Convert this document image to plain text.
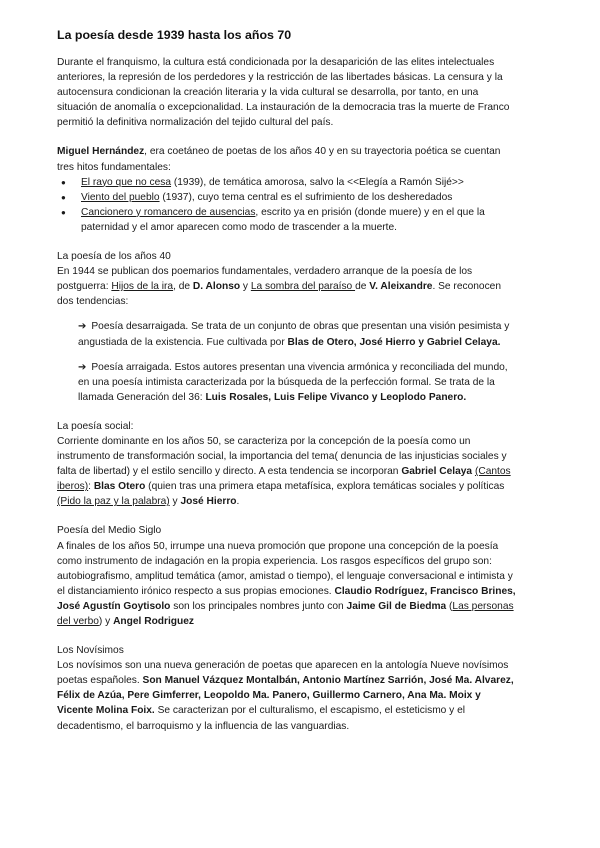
La poesía desde 1939 hasta los años 70

Durante el franquismo, la cultura está condicionada por la desaparición de las elites intelectuales anteriores, la represión de los perdedores y la restricción de las libertades básicas. La censura y la autocensura condicionan la creación literaria y la vida cultural se desarrolla, por tanto, en una situación de anomalía o excepcionalidad. La instauración de la democracia tras la muerte de Franco permitió la definitiva normalización del tejido cultural del país.

Miguel Hernández, era coetáneo de poetas de los años 40 y en su trayectoria poética se cuentan tres hitos fundamentales:

● El rayo que no cesa (1939), de temática amorosa, salvo la <<Elegía a Ramón Sijé>>
● Viento del pueblo (1937), cuyo tema central es el sufrimiento de los desheredados
● Cancionero y romancero de ausencias, escrito ya en prisión (donde muere) y en el que la paternidad y el amor aparecen como modo de trascender a la muerte.

La poesía de los años 40

En 1944 se publican dos poemarios fundamentales, verdadero arranque de la poesía de los postguerra: Hijos de la ira, de D. Alonso y La sombra del paraíso de V. Aleixandre. Se reconocen dos tendencias:

➔ Poesía desarraigada. Se trata de un conjunto de obras que presentan una visión pesimista y angustiada de la existencia. Fue cultivada por Blas de Otero, José Hierro y Gabriel Celaya.

➔ Poesía arraigada. Estos autores presentan una vivencia armónica y reconciliada del mundo, en una poesía intimista caracterizada por la búsqueda de la perfección formal. Se trata de la llamada Generación del 36: Luis Rosales, Luis Felipe Vivanco y Leoplodo Panero.

La poesía social:

Corriente dominante en los años 50, se caracteriza por la concepción de la poesía como un instrumento de transformación social, la importancia del tema( denuncia de las injusticias sociales y falta de libertad) y el estilo sencillo y directo. A esta tendencia se incorporan Gabriel Celaya (Cantos iberos): Blas Otero (quien tras una primera etapa metafísica, explora temáticas sociales y políticas (Pido la paz y la palabra) y José Hierro.

Poesía del Medio Siglo

A finales de los años 50, irrumpe una nueva promoción que propone una concepción de la poesía como instrumento de indagación en la propia experiencia. Los rasgos específicos del grupo son: autobiografismo, amplitud temática (amor, amistad o tiempo), el lenguaje conversacional e intimista y el distanciamiento irónico respecto a sus propias emociones. Claudio Rodríguez, Francisco Brines, José Agustín Goytisolo son los principales nombres junto con Jaime Gil de Biedma (Las personas del verbo) y Angel Rodriguez

Los Novísimos

Los novísimos son una nueva generación de poetas que aparecen en la antología Nueve novísimos poetas españoles. Son Manuel Vázquez Montalbán, Antonio Martínez Sarrión, José Ma. Alvarez, Félix de Azúa, Pere Gimferrer, Leopoldo Ma. Panero, Guillermo Carnero, Ana Ma. Moix y Vicente Molina Foix. Se caracterizan por el culturalismo, el escapismo, el esteticismo y el decadentismo, el barroquismo y la influencia de las vanguardias.
